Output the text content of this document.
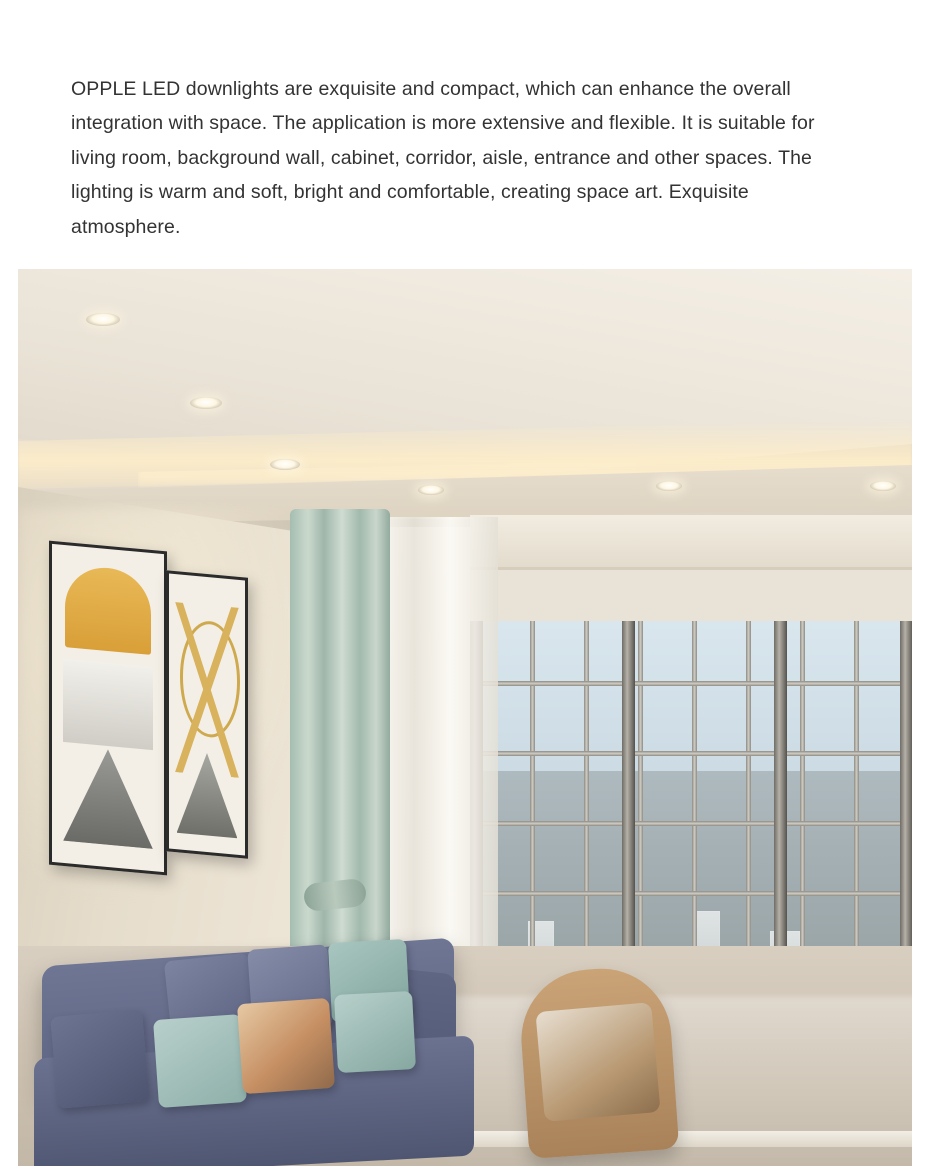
OPPLE LED downlights are exquisite and compact, which can enhance the overall integration with space. The application is more extensive and flexible. It is suitable for living room, background wall, cabinet, corridor, aisle, entrance and other spaces. The lighting is warm and soft, bright and comfortable, creating space art. Exquisite atmosphere.
